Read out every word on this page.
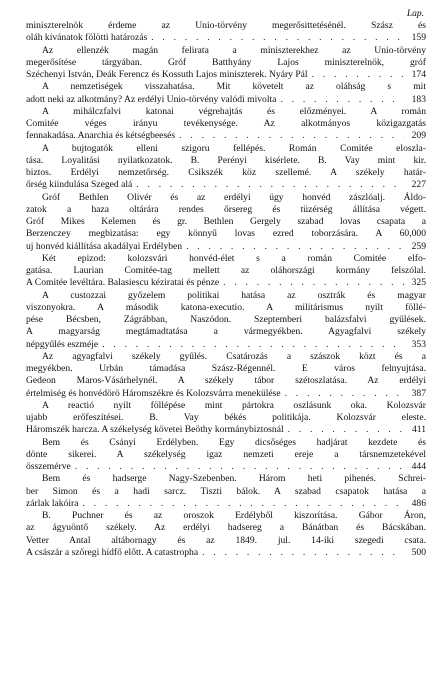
Lap.
miniszterelnök érdeme az Unio-törvény megerősittetésénél. Szász és
oláh kívánatok fölötti határozás . . .	159
Az ellenzék magán felirata a miniszterekhez az Unio-törvény
megerősítése tárgyában. Gróf Batthyány Lajos miniszterelnök, gróf
Széchenyi István, Deák Ferencz és Kossuth Lajos miniszterek. Nyáry Pál . . .	174
A nemzetiségek visszahatása. Mit követelt az oláhság s mit
adott neki az alkotmány? Az erdélyi Unio-törvény valódi mivolta . . .	183
A mihálczfalvi katonai végrehajtás és előzményei. A román
Comitée véges irányu tevékenysége. Az alkotmányos közigazgatás
fennakadása. Anarchia és kétségbeesés . . .	209
A bujtogatók elleni szigoru fellépés. Román Comitée eloszla-
tása. Loyalitási nyilatkozatok. B. Perényi kisérlete. B. Vay mint kir.
biztos. Erdélyi nemzetőrség. Csikszék köz szellemé. A székely határ-
őrség kiindulása Szeged alá . . .	227
Gróf Bethlen Olivér és az erdélyi ügy honvéd zászlóalj. Áldo-
zatok a haza oltárára rendes őrsereg és tüzérség állítása végett.
Gróf Mikes Kelemen és gr. Bethlen Gergely szabad lovas csapata a
Berzenczey megbizatása: egy könnyű lovas ezred toborzására. A 60,000
uj honvéd kiállítása akadályai Erdélyben . . .	259
Két epizod: kolozsvári honvéd-élet s a román Comitée elfo-
gatása. Laurian Comitée-tag mellett az oláhországi kormány felszólal.
A Comitée levéltára. Balasiescu kéziratai és pénze . . .	325
A custozzai győzelem politikai hatása az osztrák és magyar
viszonyokra. A második katona-executio. A militárismus nyilt föllé-
pése Bécsben, Zágrábban, Naszódon. Szeptemberi balázsfalvi gyűlések.
A magyarság megtámadtatása a vármegyékben. Agyagfalvi székely
népgyűlés eszméje . . .	353
Az agyagfalvi székely gyűlés. Csatározás a szászok közt és a
megyékben. Urbán támadása Szász-Régennél. E város felnyujtása.
Gedeon Maros-Vásárhelynél. A székely tábor szétoszlatása. Az erdélyi
értelmiség és honvédörö Háromszékre és Kolozsvárra menekülése . . .	387
A reactió nyilt föllépése mint pártokra oszlásunk oka. Kolozsvár
ujabb erőfeszítései. B. Vay békés politikája. Kolozsvár eleste.
Háromszék harcza. A székelység követei Beöthy kormánybiztosnál . . .	411
Bem és Csányi Erdélyben. Egy dicsőséges hadjárat kezdete és
dönte sikerei. A székelység igaz nemzeti ereje a társnemzetekével
összemérve . . .	444
Bem és hadserge Nagy-Szebenben. Három heti pihenés. Schrei-
ber Simon és a hadi sarcz. Tiszti bálok. A szabad csapatok hatása a
zárlak lakóira . . .	486
B. Puchner és az oroszok Erdélyből kiszorítása. Gábor Áron,
az ágyuöntő székely. Az erdélyi hadsereg a Bánátban és Bácskában.
Vetter Antal altábornagy és az 1849. jul. 14-iki szegedi csata.
A császár a szőregi hídfő előtt. A catastropha . . .	500
